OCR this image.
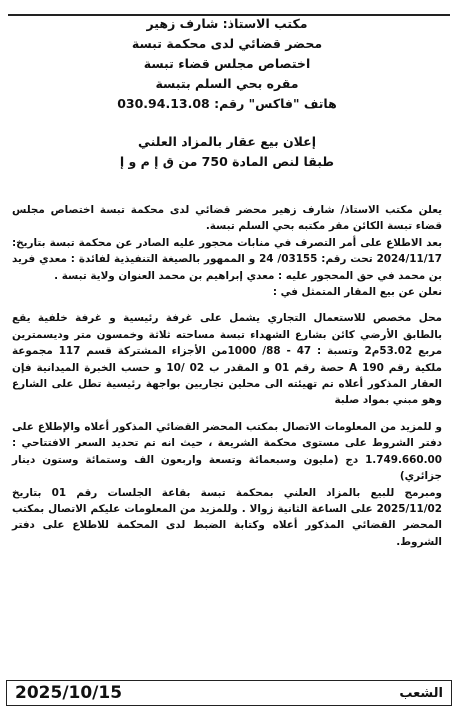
مكتب الاستاذ: شارف زهير
محضر قضائي لدى محكمة تبسة
اختصاص مجلس قضاء تبسة
مقره بحي السلم بتبسة
هاتف "فاكس" رقم: 030.94.13.08
إعلان بيع عقار بالمزاد العلني
طبقا لنص المادة 750 من ق إ م و إ

يعلن مكتب الاستاذ/ شارف زهير محضر قضائي لدى محكمة تبسة اختصاص مجلس قضاء تبسة الكائن مقر مكتبه بحي السلم تبسة.

بعد الاطلاع على أمر التصرف في منابات محجور عليه الصادر عن محكمة تبسة بتاريخ: 2024/11/17 تحت رقم: 03155/ 24 و الممهور بالصيغة التنفيذية لفائدة : معدي فريد بن محمد في حق المحجور عليه : معدي إبراهيم بن محمد العنوان ولاية تبسة .

نعلن عن بيع المقار المتمثل في :

محل مخصص للاستعمال التجاري يشمل على غرفة رئيسية و غرفة خلفية يقع بالطابق الأرضي كائن بشارع الشهداء تبسة مساحته ثلاثة وخمسون متر وديسمترين مربع 53.02م2 وتسبة : 47 - 88/ 1000من الأجزاء المشتركة قسم 117 مجموعة ملكية رقم 190 A حصة رقم 01 و المقدر ب 02 /10 و حسب الخبرة الميدانية فإن العقار المذكور أعلاه تم تهيئته الى محلين تجاريين بواجهة رئيسية تطل على الشارع وهو مبني بمواد صلبة

و للمزيد من المعلومات الاتصال بمكتب المحضر القضائي المذكور أعلاه والإطلاع على دفتر الشروط على مستوى محكمة الشريعة ، حيث انه تم تحديد السعر الافتتاحي : 1.749.660.00 دج (مليون وسبعمائة وتسعة واربعون الف وستمائة وستون دينار جزائري)

ومبرمج للبيع بالمزاد العلني بمحكمة تبسة بقاعة الجلسات رقم 01 بتاريخ 2025/11/02 على الساعة الثانية زوالا . وللمزيد من المعلومات عليكم الاتصال بمكتب المحضر القضائي المذكور أعلاه وكتابة الضبط لدى المحكمة للاطلاع على دفتر الشروط.

الشعب
2025/10/15
